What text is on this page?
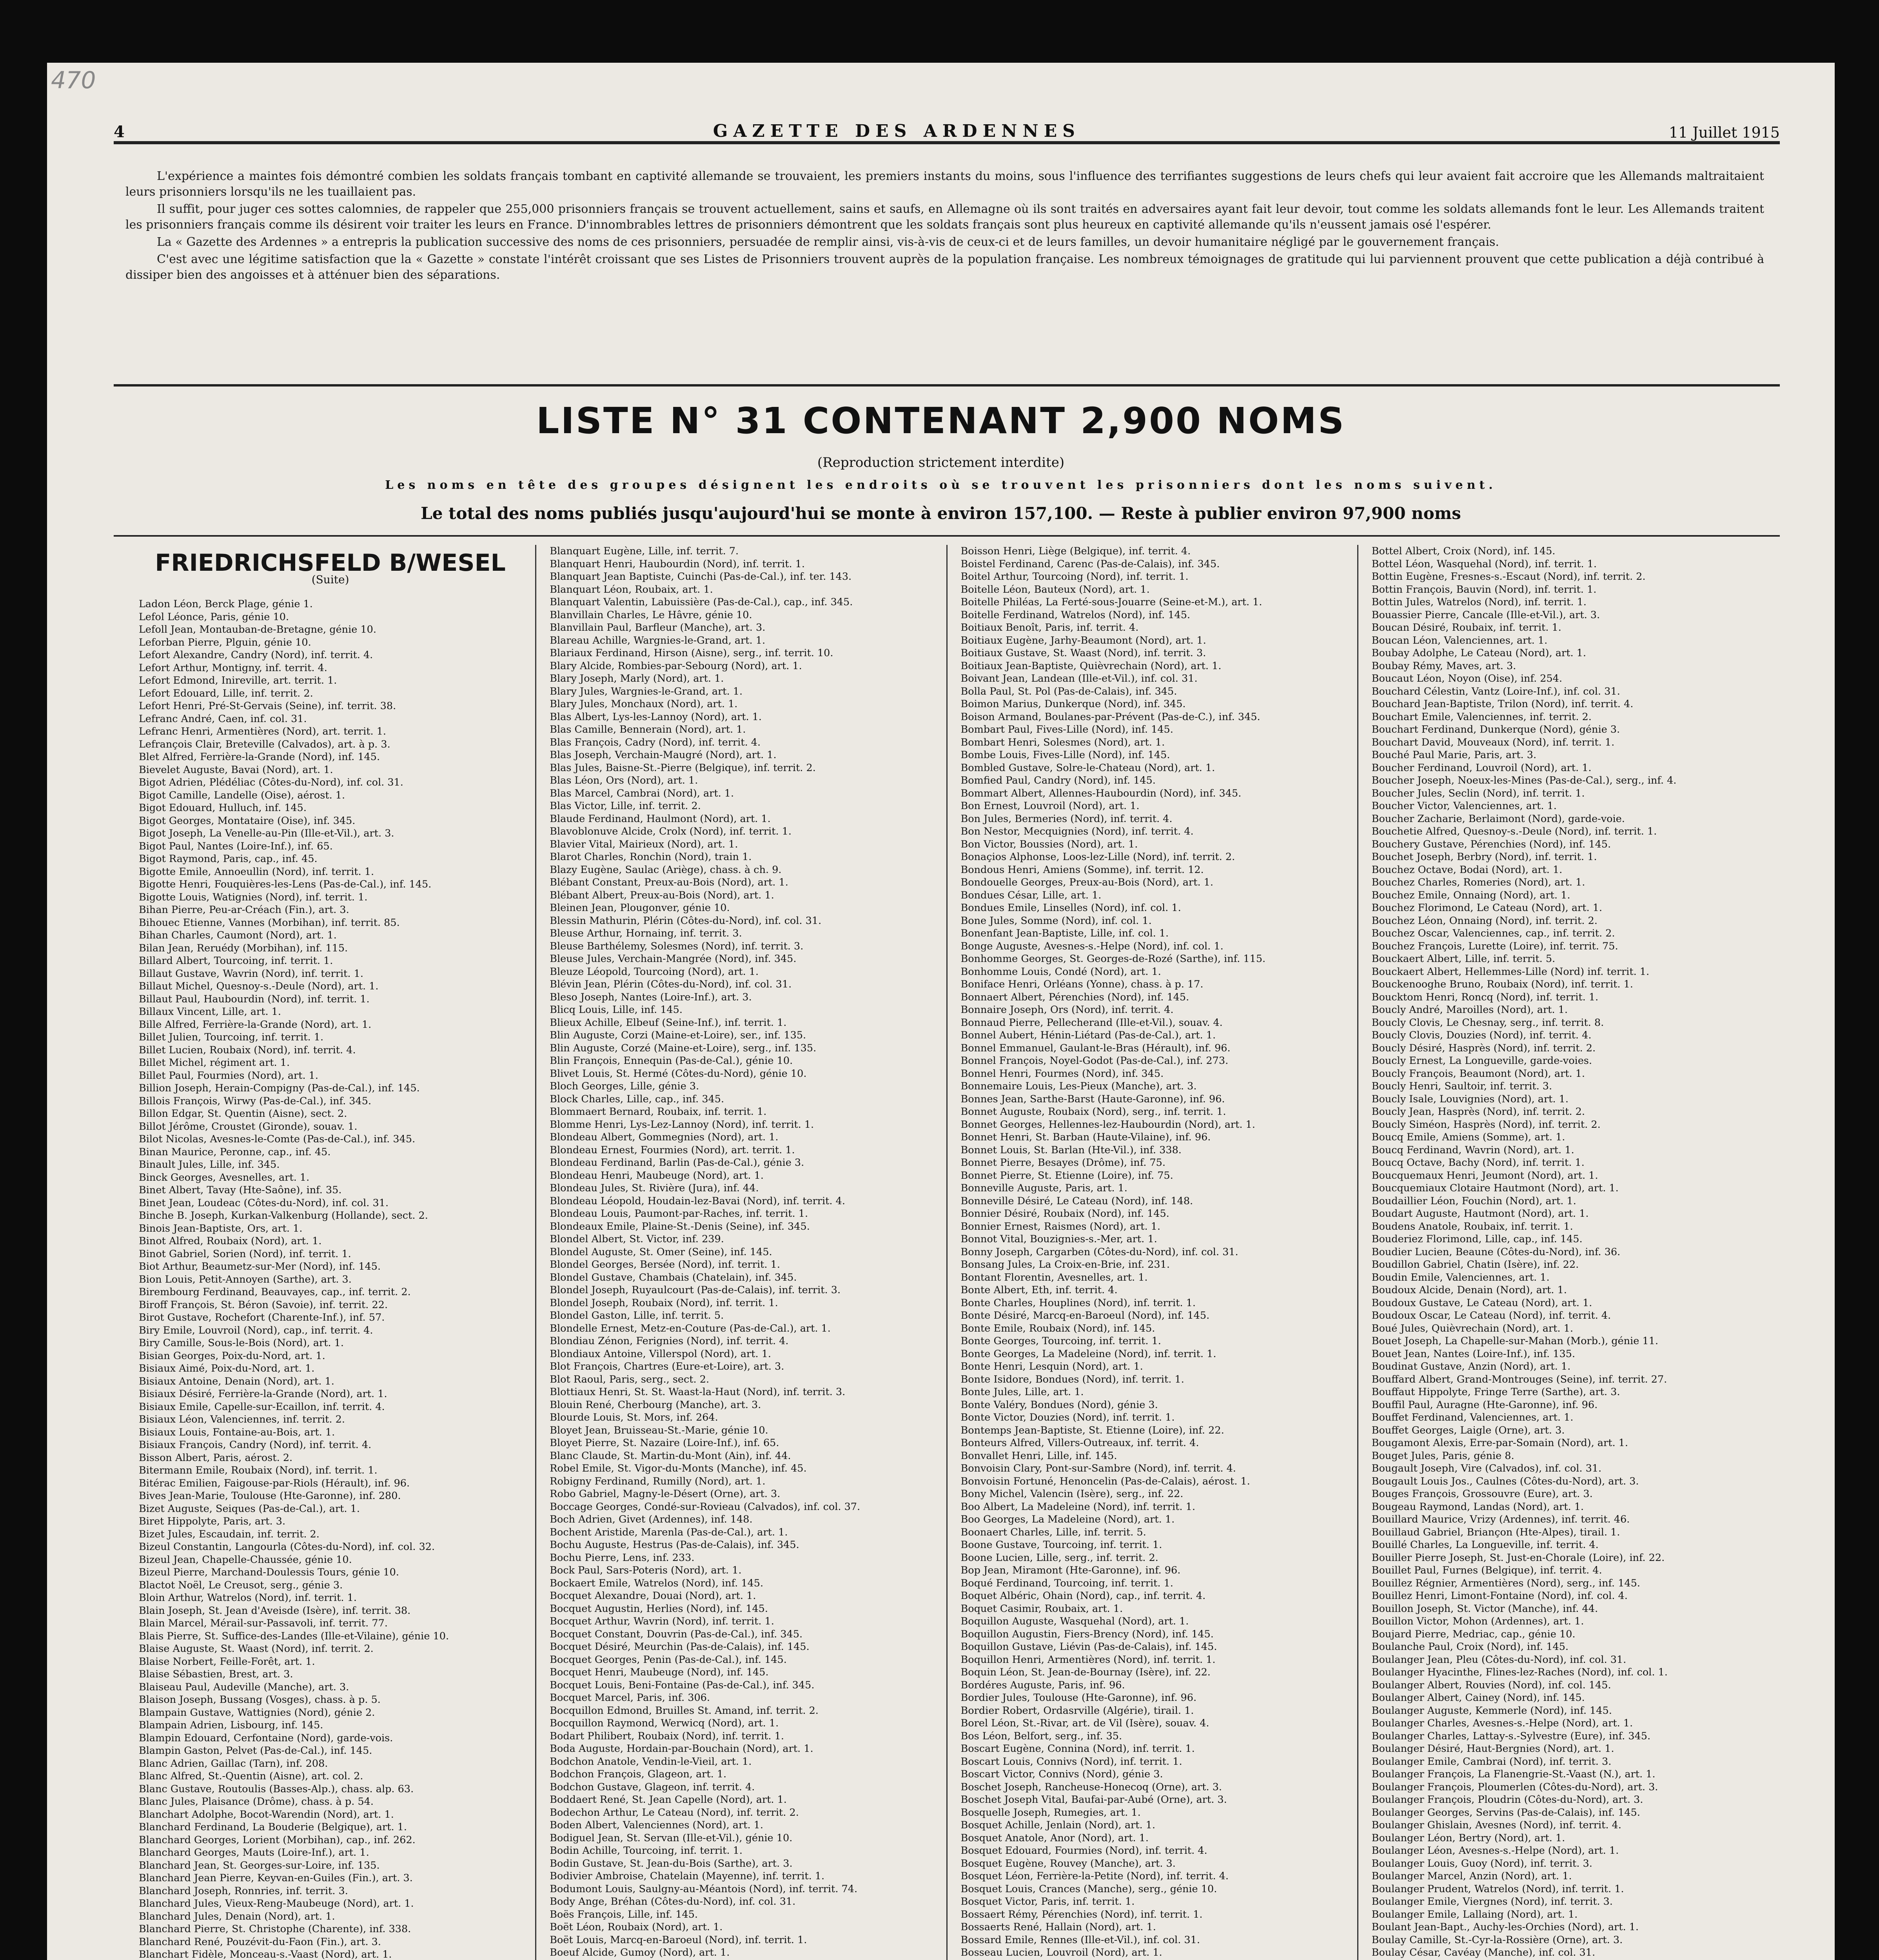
470
4	GAZETTE DES ARDENNES	11 Juillet 1915

L'expérience a maintes fois démontré combien les soldats français tombant en captivité allemande se trouvaient, les premiers instants du moins, sous l'influence des terrifiantes suggestions de leurs chefs qui leur avaient fait accroire que les Allemands maltraitaient leurs prisonniers lorsqu'ils ne les tuaillaient pas.

Il suffit, pour juger ces sottes calomnies, de rappeler que 255,000 prisonniers français se trouvent actuellement, sains et saufs, en Allemagne où ils sont traités en adversaires ayant fait leur devoir, tout comme les soldats allemands font le leur. Les Allemands traitent les prisonniers français comme ils désirent voir traiter les leurs en France. D'innombrables lettres de prisonniers démontrent que les soldats français sont plus heureux en captivité allemande qu'ils n'eussent jamais osé l'espérer.

La « Gazette des Ardennes » a entrepris la publication successive des noms de ces prisonniers, persuadée de remplir ainsi, vis-à-vis de ceux-ci et de leurs familles, un devoir humanitaire négligé par le gouvernement français.

C'est avec une légitime satisfaction que la « Gazette » constate l'intérêt croissant que ses Listes de Prisonniers trouvent auprès de la population française. Les nombreux témoignages de gratitude qui lui parviennent prouvent que cette publication a déjà contribué à dissiper bien des angoisses et à atténuer bien des séparations.

LISTE N° 31 CONTENANT 2,900 NOMS
(Reproduction strictement interdite)
Les noms en tête des groupes désignent les endroits où se trouvent les prisonniers dont les noms suivent.
Le total des noms publiés jusqu'aujourd'hui se monte à environ 157,100. — Reste à publier environ 97,900 noms
FRIEDRICHSFELD B/WESEL
(Suite)
Ladon Léon, Berck Plage, génie 1.
Lefol Léonce, Paris, génie 10.
Lefoll Jean, Montauban-de-Bretagne, génie 10.
Leforban Pierre, Plguin, génie 10.
Lefort Alexandre, Candry (Nord), inf. territ. 4.
Lefort Arthur, Montigny, inf. territ. 4.
Lefort Edmond, Inireville, art. territ. 1.
Lefort Edouard, Lille, inf. territ. 2.
Lefort Henri, Pré-St-Gervais (Seine), inf. territ. 38.
Lefranc André, Caen, inf. col. 31.
Lefranc Henri, Armentières (Nord), art. territ. 1.
Lefrançois Clair, Breteville (Calvados), art. à p. 3.
Blet Alfred, Ferrière-la-Grande (Nord), inf. 145.
Bievelet Auguste, Bavai (Nord), art. 1.
Bigot Adrien, Plédéliac (Côtes-du-Nord), inf. col. 31.
Bigot Camille, Landelle (Oise), aérost. 1.
Bigot Edouard, Hulluch, inf. 145.
Bigot Georges, Montataire (Oise), inf. 345.
Bigot Joseph, La Venelle-au-Pin (Ille-et-Vil.), art. 3.
Bigot Paul, Nantes (Loire-Inf.), inf. 65.
Bigot Raymond, Paris, cap., inf. 45.
Bigotte Emile, Annoeullin (Nord), inf. territ. 1.
Bigotte Henri, Fouquières-les-Lens (Pas-de-Cal.), inf. 145.
Bigotte Louis, Watignies (Nord), inf. territ. 1.
Bihan Pierre, Peu-ar-Créach (Fin.), art. 3.
Bihouec Etienne, Vannes (Morbihan), inf. territ. 85.
Bihan Charles, Caumont (Nord), art. 1.
Bilan Jean, Reruédy (Morbihan), inf. 115.
Billard Albert, Tourcoing, inf. territ. 1.
Billaut Gustave, Wavrin (Nord), inf. territ. 1.
Billaut Michel, Quesnoy-s.-Deule (Nord), art. 1.
Billaut Paul, Haubourdin (Nord), inf. territ. 1.
Billaux Vincent, Lille, art. 1.
Bille Alfred, Ferrière-la-Grande (Nord), art. 1.
Billet Julien, Tourcoing, inf. territ. 1.
Billet Lucien, Roubaix (Nord), inf. territ. 4.
Billet Michel, régiment art. 1.
Billet Paul, Fourmies (Nord), art. 1.
Billion Joseph, Herain-Compigny (Pas-de-Cal.), inf. 145.
Billois François, Wirwy (Pas-de-Cal.), inf. 345.
Billon Edgar, St. Quentin (Aisne), sect. 2.
Billot Jérôme, Croustet (Gironde), souav. 1.
Bilot Nicolas, Avesnes-le-Comte (Pas-de-Cal.), inf. 345.
Binan Maurice, Peronne, cap., inf. 45.
Binault Jules, Lille, inf. 345.
Binck Georges, Avesnelles, art. 1.
Binet Albert, Tavay (Hte-Saône), inf. 35.
Binet Jean, Loudeac (Côtes-du-Nord), inf. col. 31.
Binche B. Joseph, Kurkan-Valkenburg (Hollande), sect. 2.
Binois Jean-Baptiste, Ors, art. 1.
Binot Alfred, Roubaix (Nord), art. 1.
Binot Gabriel, Sorien (Nord), inf. territ. 1.
Biot Arthur, Beaumetz-sur-Mer (Nord), inf. 145.
Bion Louis, Petit-Annoyen (Sarthe), art. 3.
Birembourg Ferdinand, Beauvayes, cap., inf. territ. 2.
Biroff François, St. Béron (Savoie), inf. territ. 22.
Birot Gustave, Rochefort (Charente-Inf.), inf. 57.
Biry Emile, Louvroil (Nord), cap., inf. territ. 4.
Biry Camille, Sous-le-Bois (Nord), art. 1.
Bisian Georges, Poix-du-Nord, art. 1.
Bisiaux Aimé, Poix-du-Nord, art. 1.
Bisiaux Antoine, Denain (Nord), art. 1.
Bisiaux Désiré, Ferrière-la-Grande (Nord), art. 1.
Bisiaux Emile, Capelle-sur-Ecaillon, inf. territ. 4.
Bisiaux Léon, Valenciennes, inf. territ. 2.
Bisiaux Louis, Fontaine-au-Bois, art. 1.
Bisiaux François, Candry (Nord), inf. territ. 4.
Bisson Albert, Paris, aérost. 2.
Bitermann Emile, Roubaix (Nord), inf. territ. 1.
Bitérac Emilien, Faigouse-par-Riols (Hérault), inf. 96.
Bives Jean-Marie, Toulouse (Hte-Garonne), inf. 280.
Bizet Auguste, Seiques (Pas-de-Cal.), art. 1.
Biret Hippolyte, Paris, art. 3.
Bizet Jules, Escaudain, inf. territ. 2.
Bizeul Constantin, Langourla (Côtes-du-Nord), inf. col. 32.
Bizeul Jean, Chapelle-Chaussée, génie 10.
Bizeul Pierre, Marchand-Doulessis Tours, génie 10.
Blactot Noël, Le Creusot, serg., génie 3.
Bloin Arthur, Watrelos (Nord), inf. territ. 1.
Blain Joseph, St. Jean d'Aveisde (Isère), inf. territ. 38.
Blain Marcel, Mérail-sur-Passavoli, inf. territ. 77.
Blais Pierre, St. Suffice-des-Landes (Ille-et-Vilaine), génie 10.
Blaise Auguste, St. Waast (Nord), inf. territ. 2.
Blaise Norbert, Feille-Forêt, art. 1.
Blaise Sébastien, Brest, art. 3.
Blaiseau Paul, Audeville (Manche), art. 3.
Blaison Joseph, Bussang (Vosges), chass. à p. 5.
Blampain Gustave, Wattignies (Nord), génie 2.
Blampain Adrien, Lisbourg, inf. 145.
Blampin Edouard, Cerfontaine (Nord), garde-vois.
Blampin Gaston, Pelvet (Pas-de-Cal.), inf. 145.
Blanc Adrien, Gaillac (Tarn), inf. 208.
Blanc Alfred, St.-Quentin (Aisne), art. col. 2.
Blanc Gustave, Routoulis (Basses-Alp.), chass. alp. 63.
Blanc Jules, Plaisance (Drôme), chass. à p. 54.
Blanchart Adolphe, Bocot-Warendin (Nord), art. 1.
Blanchard Ferdinand, La Bouderie (Belgique), art. 1.
Blanchard Georges, Lorient (Morbihan), cap., inf. 262.
Blanchard Georges, Mauts (Loire-Inf.), art. 1.
Blanchard Jean, St. Georges-sur-Loire, inf. 135.
Blanchard Jean Pierre, Keyvan-en-Guiles (Fin.), art. 3.
Blanchard Joseph, Ronnries, inf. territ. 3.
Blanchard Jules, Vieux-Reng-Maubeuge (Nord), art. 1.
Blanchard Jules, Denain (Nord), art. 1.
Blanchard Pierre, St. Christophe (Charente), inf. 338.
Blanchard René, Pouzévit-du-Faon (Fin.), art. 3.
Blanchart Fidèle, Monceau-s.-Vaast (Nord), art. 1.
Blanquart Eugène, Lille, inf. territ. 7.
Blanquart Henri, Haubourdin (Nord), inf. territ. 1.
Blanquart Jean Baptiste, Cuinchi (Pas-de-Cal.), inf. ter. 143.
Blanquart Léon, Roubaix, art. 1.
Blanquart Valentin, Labuissière (Pas-de-Cal.), cap., inf. 345.
Blanvillain Charles, Le Hâvre, génie 10.
Blanvillain Paul, Barfleur (Manche), art. 3.
Blareau Achille, Wargnies-le-Grand, art. 1.
Blariaux Ferdinand, Hirson (Aisne), serg., inf. territ. 10.
Blary Alcide, Rombies-par-Sebourg (Nord), art. 1.
Blary Joseph, Marly (Nord), art. 1.
Blary Jules, Wargnies-le-Grand, art. 1.
Blary Jules, Monchaux (Nord), art. 1.
Blas Albert, Lys-les-Lannoy (Nord), art. 1.
Blas Camille, Bennerain (Nord), art. 1.
Blas François, Cadry (Nord), inf. territ. 4.
Blas Joseph, Verchain-Maugré (Nord), art. 1.
Blas Jules, Baisne-St.-Pierre (Belgique), inf. territ. 2.
Blas Léon, Ors (Nord), art. 1.
Blas Marcel, Cambrai (Nord), art. 1.
Blas Victor, Lille, inf. territ. 2.
Blaude Ferdinand, Haulmont (Nord), art. 1.
Blavoblonuve Alcide, Crolx (Nord), inf. territ. 1.
Blavier Vital, Mairieux (Nord), art. 1.
Blarot Charles, Ronchin (Nord), train 1.
Blazy Eugène, Saulac (Ariège), chass. à ch. 9.
Blébant Constant, Preux-au-Bois (Nord), art. 1.
Blébant Albert, Preux-au-Bois (Nord), art. 1.
Bleinen Jean, Plougonver, génie 10.
Blessin Mathurin, Plérin (Côtes-du-Nord), inf. col. 31.
Bleuse Arthur, Hornaing, inf. territ. 3.
Bleuse Barthélemy, Solesmes (Nord), inf. territ. 3.
Bleuse Jules, Verchain-Mangrée (Nord), inf. 345.
Bleuze Léopold, Tourcoing (Nord), art. 1.
Blévin Jean, Plérin (Côtes-du-Nord), inf. col. 31.
Bleso Joseph, Nantes (Loire-Inf.), art. 3.
Blicq Louis, Lille, inf. 145.
Blieux Achille, Elbeuf (Seine-Inf.), inf. territ. 1.
Blin Auguste, Corzi (Maine-et-Loire), ser., inf. 135.
Blin Auguste, Corzé (Maine-et-Loire), serg., inf. 135.
Blin François, Ennequin (Pas-de-Cal.), génie 10.
Blivet Louis, St. Hermé (Côtes-du-Nord), génie 10.
Bloch Georges, Lille, génie 3.
Block Charles, Lille, cap., inf. 345.
Blommaert Bernard, Roubaix, inf. territ. 1.
Blomme Henri, Lys-Lez-Lannoy (Nord), inf. territ. 1.
Blondeau Albert, Gommegnies (Nord), art. 1.
Blondeau Ernest, Fourmies (Nord), art. territ. 1.
Blondeau Ferdinand, Barlin (Pas-de-Cal.), génie 3.
Blondeau Henri, Maubeuge (Nord), art. 1.
Blondeau Jules, St. Rivière (Jura), inf. 44.
Blondeau Léopold, Houdain-lez-Bavai (Nord), inf. territ. 4.
Blondeau Louis, Paumont-par-Raches, inf. territ. 1.
Blondeaux Emile, Plaine-St.-Denis (Seine), inf. 345.
Blondel Albert, St. Victor, inf. 239.
Blondel Auguste, St. Omer (Seine), inf. 145.
Blondel Georges, Bersée (Nord), inf. territ. 1.
Blondel Gustave, Chambais (Chatelain), inf. 345.
Blondel Joseph, Ruyaulcourt (Pas-de-Calais), inf. territ. 3.
Blondel Joseph, Roubaix (Nord), inf. territ. 1.
Blondel Gaston, Lille, inf. territ. 5.
Blondelle Ernest, Metz-en-Couture (Pas-de-Cal.), art. 1.
Blondiau Zénon, Ferignies (Nord), inf. territ. 4.
Blondiaux Antoine, Villerspol (Nord), art. 1.
Blot François, Chartres (Eure-et-Loire), art. 3.
Blot Raoul, Paris, serg., sect. 2.
Blottiaux Henri, St. St. Waast-la-Haut (Nord), inf. territ. 3.
Blouin René, Cherbourg (Manche), art. 3.
Blourde Louis, St. Mors, inf. 264.
Bloyet Jean, Bruisseau-St.-Marie, génie 10.
Bloyet Pierre, St. Nazaire (Loire-Inf.), inf. 65.
Blanc Claude, St. Martin-du-Mont (Ain), inf. 44.
Robel Emile, St. Vigor-du-Monts (Manche), inf. 45.
Robigny Ferdinand, Rumilly (Nord), art. 1.
Robo Gabriel, Magny-le-Désert (Orne), art. 3.
Boccage Georges, Condé-sur-Rovieau (Calvados), inf. col. 37.
Boch Adrien, Givet (Ardennes), inf. 148.
Bochent Aristide, Marenla (Pas-de-Cal.), art. 1.
Bochu Auguste, Hestrus (Pas-de-Calais), inf. 345.
Bochu Pierre, Lens, inf. 233.
Bock Paul, Sars-Poteris (Nord), art. 1.
Bockaert Emile, Watrelos (Nord), inf. 145.
Bocquet Alexandre, Douai (Nord), art. 1.
Bocquet Augustin, Herlies (Nord), inf. 145.
Bocquet Arthur, Wavrin (Nord), inf. territ. 1.
Bocquet Constant, Douvrin (Pas-de-Cal.), inf. 345.
Bocquet Désiré, Meurchin (Pas-de-Calais), inf. 145.
Bocquet Georges, Penin (Pas-de-Cal.), inf. 145.
Bocquet Henri, Maubeuge (Nord), inf. 145.
Bocquet Louis, Beni-Fontaine (Pas-de-Cal.), inf. 345.
Bocquet Marcel, Paris, inf. 306.
Bocquillon Edmond, Bruilles St. Amand, inf. territ. 2.
Bocquillon Raymond, Werwicq (Nord), art. 1.
Bodart Philibert, Roubaix (Nord), inf. territ. 1.
Boda Auguste, Hordain-par-Bouchain (Nord), art. 1.
Bodchon Anatole, Vendin-le-Vieil, art. 1.
Bodchon François, Glageon, art. 1.
Bodchon Gustave, Glageon, inf. territ. 4.
Boddaert René, St. Jean Capelle (Nord), art. 1.
Bodechon Arthur, Le Cateau (Nord), inf. territ. 2.
Boden Albert, Valenciennes (Nord), art. 1.
Bodiguel Jean, St. Servan (Ille-et-Vil.), génie 10.
Bodin Achille, Tourcoing, inf. territ. 1.
Bodin Gustave, St. Jean-du-Bois (Sarthe), art. 3.
Bodivier Ambroise, Chatelain (Mayenne), inf. territ. 1.
Bodumont Louis, Saulgny-au-Méantois (Nord), inf. territ. 74.
Body Ange, Bréhan (Côtes-du-Nord), inf. col. 31.
Boës François, Lille, inf. 145.
Boët Léon, Roubaix (Nord), art. 1.
Boët Louis, Marcq-en-Baroeul (Nord), inf. territ. 1.
Boeuf Alcide, Gumoy (Nord), art. 1.
Boisson Henri, Liège (Belgique), inf. territ. 4.
Boistel Ferdinand, Carenc (Pas-de-Calais), inf. 345.
Boitel Arthur, Tourcoing (Nord), inf. territ. 1.
Boitelle Léon, Bauteux (Nord), art. 1.
Boitelle Philéas, La Ferté-sous-Jouarre (Seine-et-M.), art. 1.
Boitelle Ferdinand, Watrelos (Nord), inf. 145.
Boitiaux Benoît, Paris, inf. territ. 4.
Boitiaux Eugène, Jarhy-Beaumont (Nord), art. 1.
Boitiaux Gustave, St. Waast (Nord), inf. territ. 3.
Boitiaux Jean-Baptiste, Quièvrechain (Nord), art. 1.
Boivant Jean, Landean (Ille-et-Vil.), inf. col. 31.
Bolla Paul, St. Pol (Pas-de-Calais), inf. 345.
Boimon Marius, Dunkerque (Nord), inf. 345.
Boison Armand, Boulanes-par-Prévent (Pas-de-C.), inf. 345.
Bombart Paul, Fives-Lille (Nord), inf. 145.
Bombart Henri, Solesmes (Nord), art. 1.
Bombe Louis, Fives-Lille (Nord), inf. 145.
Bombled Gustave, Solre-le-Chateau (Nord), art. 1.
Bomfied Paul, Candry (Nord), inf. 145.
Bommart Albert, Allennes-Haubourdin (Nord), inf. 345.
Bon Ernest, Louvroil (Nord), art. 1.
Bon Jules, Bermeries (Nord), inf. territ. 4.
Bon Nestor, Mecquignies (Nord), inf. territ. 4.
Bon Victor, Boussies (Nord), art. 1.
Bonaçios Alphonse, Loos-lez-Lille (Nord), inf. territ. 2.
Bondous Henri, Amiens (Somme), inf. territ. 12.
Bondouelle Georges, Preux-au-Bois (Nord), art. 1.
Bondues César, Lille, art. 1.
Bondues Emile, Linselles (Nord), inf. col. 1.
Bone Jules, Somme (Nord), inf. col. 1.
Bonenfant Jean-Baptiste, Lille, inf. col. 1.
Bonge Auguste, Avesnes-s.-Helpe (Nord), inf. col. 1.
Bonhomme Georges, St. Georges-de-Rozé (Sarthe), inf. 115.
Bonhomme Louis, Condé (Nord), art. 1.
Boniface Henri, Orléans (Yonne), chass. à p. 17.
Bonnaert Albert, Pérenchies (Nord), inf. 145.
Bonnaire Joseph, Ors (Nord), inf. territ. 4.
Bonnaud Pierre, Pellecherand (Ille-et-Vil.), souav. 4.
Bonnel Aubert, Hénin-Liétard (Pas-de-Cal.), art. 1.
Bonnel Emmanuel, Gaulant-le-Bras (Hérault), inf. 96.
Bonnel François, Noyel-Godot (Pas-de-Cal.), inf. 273.
Bonnel Henri, Fourmes (Nord), inf. 345.
Bonnemaire Louis, Les-Pieux (Manche), art. 3.
Bonnes Jean, Sarthe-Barst (Haute-Garonne), inf. 96.
Bonnet Auguste, Roubaix (Nord), serg., inf. territ. 1.
Bonnet Georges, Hellennes-lez-Haubourdin (Nord), art. 1.
Bonnet Henri, St. Barban (Haute-Vilaine), inf. 96.
Bonnet Louis, St. Barlan (Hte-Vil.), inf. 338.
Bonnet Pierre, Besayes (Drôme), inf. 75.
Bonnet Pierre, St. Etienne (Loire), inf. 75.
Bonneville Auguste, Paris, art. 1.
Bonneville Désiré, Le Cateau (Nord), inf. 148.
Bonnier Désiré, Roubaix (Nord), inf. 145.
Bonnier Ernest, Raismes (Nord), art. 1.
Bonnot Vital, Bouzignies-s.-Mer, art. 1.
Bonny Joseph, Cargarben (Côtes-du-Nord), inf. col. 31.
Bonsang Jules, La Croix-en-Brie, inf. 231.
Bontant Florentin, Avesnelles, art. 1.
Bonte Albert, Eth, inf. territ. 4.
Bonte Charles, Houplines (Nord), inf. territ. 1.
Bonte Désiré, Marcq-en-Baroeul (Nord), inf. 145.
Bonte Emile, Roubaix (Nord), inf. 145.
Bonte Georges, Tourcoing, inf. territ. 1.
Bonte Georges, La Madeleine (Nord), inf. territ. 1.
Bonte Henri, Lesquin (Nord), art. 1.
Bonte Isidore, Bondues (Nord), inf. territ. 1.
Bonte Jules, Lille, art. 1.
Bonte Valéry, Bondues (Nord), génie 3.
Bonte Victor, Douzies (Nord), inf. territ. 1.
Bontemps Jean-Baptiste, St. Etienne (Loire), inf. 22.
Bonteurs Alfred, Villers-Outreaux, inf. territ. 4.
Bonvallet Henri, Lille, inf. 145.
Bonvoisin Clary, Pont-sur-Sambre (Nord), inf. territ. 4.
Bonvoisin Fortuné, Henoncelin (Pas-de-Calais), aérost. 1.
Bony Michel, Valencin (Isère), serg., inf. 22.
Boo Albert, La Madeleine (Nord), inf. territ. 1.
Boo Georges, La Madeleine (Nord), art. 1.
Boonaert Charles, Lille, inf. territ. 5.
Boone Gustave, Tourcoing, inf. territ. 1.
Boone Lucien, Lille, serg., inf. territ. 2.
Bop Jean, Miramont (Hte-Garonne), inf. 96.
Boqué Ferdinand, Tourcoing, inf. territ. 1.
Boquet Albéric, Ohain (Nord), cap., inf. territ. 4.
Boquet Casimir, Roubaix, art. 1.
Boquillon Auguste, Wasquehal (Nord), art. 1.
Boquillon Augustin, Fiers-Brency (Nord), inf. 145.
Boquillon Gustave, Liévin (Pas-de-Calais), inf. 145.
Boquillon Henri, Armentières (Nord), inf. territ. 1.
Boquin Léon, St. Jean-de-Bournay (Isère), inf. 22.
Bordéres Auguste, Paris, inf. 96.
Bordier Jules, Toulouse (Hte-Garonne), inf. 96.
Bordier Robert, Ordasrville (Algérie), tirail. 1.
Borel Léon, St.-Rivar, art. de Vil (Isère), souav. 4.
Bos Léon, Belfort, serg., inf. 35.
Boscart Eugène, Connina (Nord), inf. territ. 1.
Boscart Louis, Connivs (Nord), inf. territ. 1.
Boscart Victor, Connivs (Nord), génie 3.
Boschet Joseph, Rancheuse-Honecoq (Orne), art. 3.
Boschet Joseph Vital, Baufai-par-Aubé (Orne), art. 3.
Bosquelle Joseph, Rumegies, art. 1.
Bosquet Achille, Jenlain (Nord), art. 1.
Bosquet Anatole, Anor (Nord), art. 1.
Bosquet Edouard, Fourmies (Nord), inf. territ. 4.
Bosquet Eugène, Rouvey (Manche), art. 3.
Bosquet Léon, Ferrière-la-Petite (Nord), inf. territ. 4.
Bosquet Louis, Crances (Manche), serg., génie 10.
Bosquet Victor, Paris, inf. territ. 1.
Bossaert Rémy, Pérenchies (Nord), inf. territ. 1.
Bossaerts René, Hallain (Nord), art. 1.
Bossard Emile, Rennes (Ille-et-Vil.), inf. col. 31.
Bosseau Lucien, Louvroil (Nord), art. 1.
Bottel Albert, Croix (Nord), inf. 145.
Bottel Léon, Wasquehal (Nord), inf. territ. 1.
Bottin Eugène, Fresnes-s.-Escaut (Nord), inf. territ. 2.
Bottin François, Bauvin (Nord), inf. territ. 1.
Bottin Jules, Watrelos (Nord), inf. territ. 1.
Bouassier Pierre, Cancale (Ille-et-Vil.), art. 3.
Boucan Désiré, Roubaix, inf. territ. 1.
Boucan Léon, Valenciennes, art. 1.
Boubay Adolphe, Le Cateau (Nord), art. 1.
Boubay Rémy, Maves, art. 3.
Boucaut Léon, Noyon (Oise), inf. 254.
Bouchard Célestin, Vantz (Loire-Inf.), inf. col. 31.
Bouchard Jean-Baptiste, Trilon (Nord), inf. territ. 4.
Bouchart Emile, Valenciennes, inf. territ. 2.
Bouchart Ferdinand, Dunkerque (Nord), génie 3.
Bouchart David, Mouveaux (Nord), inf. territ. 1.
Bouché Paul Marie, Paris, art. 3.
Boucher Ferdinand, Louvroil (Nord), art. 1.
Boucher Joseph, Noeux-les-Mines (Pas-de-Cal.), serg., inf. 4.
Boucher Jules, Seclin (Nord), inf. territ. 1.
Boucher Victor, Valenciennes, art. 1.
Boucher Zacharie, Berlaimont (Nord), garde-voie.
Bouchetie Alfred, Quesnoy-s.-Deule (Nord), inf. territ. 1.
Bouchery Gustave, Pérenchies (Nord), inf. 145.
Bouchet Joseph, Berbry (Nord), inf. territ. 1.
Bouchez Octave, Bodai (Nord), art. 1.
Bouchez Charles, Romeries (Nord), art. 1.
Bouchez Emile, Onnaing (Nord), art. 1.
Bouchez Florimond, Le Cateau (Nord), art. 1.
Bouchez Léon, Onnaing (Nord), inf. territ. 2.
Bouchez Oscar, Valenciennes, cap., inf. territ. 2.
Bouchez François, Lurette (Loire), inf. territ. 75.
Bouckaert Albert, Lille, inf. territ. 5.
Bouckaert Albert, Hellemmes-Lille (Nord) inf. territ. 1.
Bouckenooghe Bruno, Roubaix (Nord), inf. territ. 1.
Boucktom Henri, Roncq (Nord), inf. territ. 1.
Boucly André, Maroilles (Nord), art. 1.
Boucly Clovis, Le Chesnay, serg., inf. territ. 8.
Boucly Clovis, Douzies (Nord), inf. territ. 4.
Boucly Désiré, Hasprès (Nord), inf. territ. 2.
Boucly Ernest, La Longueville, garde-voies.
Boucly François, Beaumont (Nord), art. 1.
Boucly Henri, Saultoir, inf. territ. 3.
Boucly Isale, Louvignies (Nord), art. 1.
Boucly Jean, Hasprès (Nord), inf. territ. 2.
Boucly Siméon, Hasprès (Nord), inf. territ. 2.
Boucq Emile, Amiens (Somme), art. 1.
Boucq Ferdinand, Wavrin (Nord), art. 1.
Boucq Octave, Bachy (Nord), inf. territ. 1.
Boucquemaux Henri, Jeumont (Nord), art. 1.
Boucquemiaux Clotaire Hautmont (Nord), art. 1.
Boudaillier Léon, Fouchin (Nord), art. 1.
Boudart Auguste, Hautmont (Nord), art. 1.
Boudens Anatole, Roubaix, inf. territ. 1.
Bouderiez Florimond, Lille, cap., inf. 145.
Boudier Lucien, Beaune (Côtes-du-Nord), inf. 36.
Boudillon Gabriel, Chatin (Isère), inf. 22.
Boudin Emile, Valenciennes, art. 1.
Boudoux Alcide, Denain (Nord), art. 1.
Boudoux Gustave, Le Cateau (Nord), art. 1.
Boudoux Oscar, Le Cateau (Nord), inf. territ. 4.
Boué Jules, Quièvrechain (Nord), art. 1.
Bouet Joseph, La Chapelle-sur-Mahan (Morb.), génie 11.
Bouet Jean, Nantes (Loire-Inf.), inf. 135.
Boudinat Gustave, Anzin (Nord), art. 1.
Bouffard Albert, Grand-Montrouges (Seine), inf. territ. 27.
Bouffaut Hippolyte, Fringe Terre (Sarthe), art. 3.
Bouffil Paul, Auragne (Hte-Garonne), inf. 96.
Bouffet Ferdinand, Valenciennes, art. 1.
Bouffet Georges, Laigle (Orne), art. 3.
Bougamont Alexis, Erre-par-Somain (Nord), art. 1.
Bouget Jules, Paris, génie 8.
Bougault Joseph, Vire (Calvados), inf. col. 31.
Bougault Louis Jos., Caulnes (Côtes-du-Nord), art. 3.
Bouges François, Grossouvre (Eure), art. 3.
Bougeau Raymond, Landas (Nord), art. 1.
Bouillard Maurice, Vrizy (Ardennes), inf. territ. 46.
Bouillaud Gabriel, Briançon (Hte-Alpes), tirail. 1.
Bouillé Charles, La Longueville, inf. territ. 4.
Bouiller Pierre Joseph, St. Just-en-Chorale (Loire), inf. 22.
Bouillet Paul, Furnes (Belgique), inf. territ. 4.
Bouillez Régnier, Armentières (Nord), serg., inf. 145.
Bouillez Henri, Limont-Fontaine (Nord), inf. col. 4.
Bouillon Joseph, St. Victor (Manche), inf. 44.
Bouillon Victor, Mohon (Ardennes), art. 1.
Boujard Pierre, Medriac, cap., génie 10.
Boulanche Paul, Croix (Nord), inf. 145.
Boulanger Jean, Pleu (Côtes-du-Nord), inf. col. 31.
Boulanger Hyacinthe, Flines-lez-Raches (Nord), inf. col. 1.
Boulanger Albert, Rouvies (Nord), inf. col. 145.
Boulanger Albert, Cainey (Nord), inf. 145.
Boulanger Auguste, Kemmerle (Nord), inf. 145.
Boulanger Charles, Avesnes-s.-Helpe (Nord), art. 1.
Boulanger Charles, Lattay-s.-Sylvestre (Eure), inf. 345.
Boulanger Désiré, Haut-Bergnies (Nord), art. 1.
Boulanger Emile, Cambrai (Nord), inf. territ. 3.
Boulanger François, La Flanengrie-St.-Vaast (N.), art. 1.
Boulanger François, Ploumerlen (Côtes-du-Nord), art. 3.
Boulanger François, Ploudrin (Côtes-du-Nord), art. 3.
Boulanger Georges, Servins (Pas-de-Calais), inf. 145.
Boulanger Ghislain, Avesnes (Nord), inf. territ. 4.
Boulanger Léon, Bertry (Nord), art. 1.
Boulanger Léon, Avesnes-s.-Helpe (Nord), art. 1.
Boulanger Louis, Guoy (Nord), inf. territ. 3.
Boulanger Marcel, Anzin (Nord), art. 1.
Boulanger Prudent, Watrelos (Nord), inf. territ. 1.
Boulanger Emile, Viergnes (Nord), inf. territ. 3.
Boulanger Emile, Lallaing (Nord), art. 1.
Boulant Jean-Bapt., Auchy-les-Orchies (Nord), art. 1.
Boulay Camille, St.-Cyr-la-Rossière (Orne), art. 3.
Boulay César, Cavéay (Manche), inf. col. 31.
